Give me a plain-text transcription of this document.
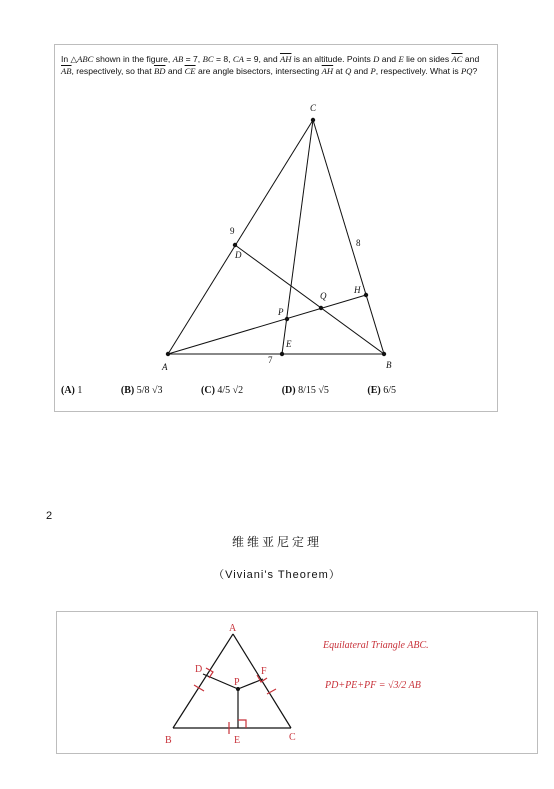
In △ABC shown in the figure, AB = 7, BC = 8, CA = 9, and $\overline{AH}$ is an altitude. Points D and E lie on sides $\overline{AC}$ and $\overline{AB}$, respectively, so that $\overline{BD}$ and $\overline{CE}$ are angle bisectors, intersecting $\overline{AH}$ at Q and P, respectively. What is PQ?
A	B
C
D
E
H
P
Q
9
8
7
(A) 1	(B) 5/8 √3	(C) 4/5 √2	(D) 8/15 √5	(E) 6/5
2
维维亚尼定理
（Viviani's Theorem）
A
B	C
D
E
F
P
Equilateral Triangle ABC.
PD+PE+PF = √3/2 AB
